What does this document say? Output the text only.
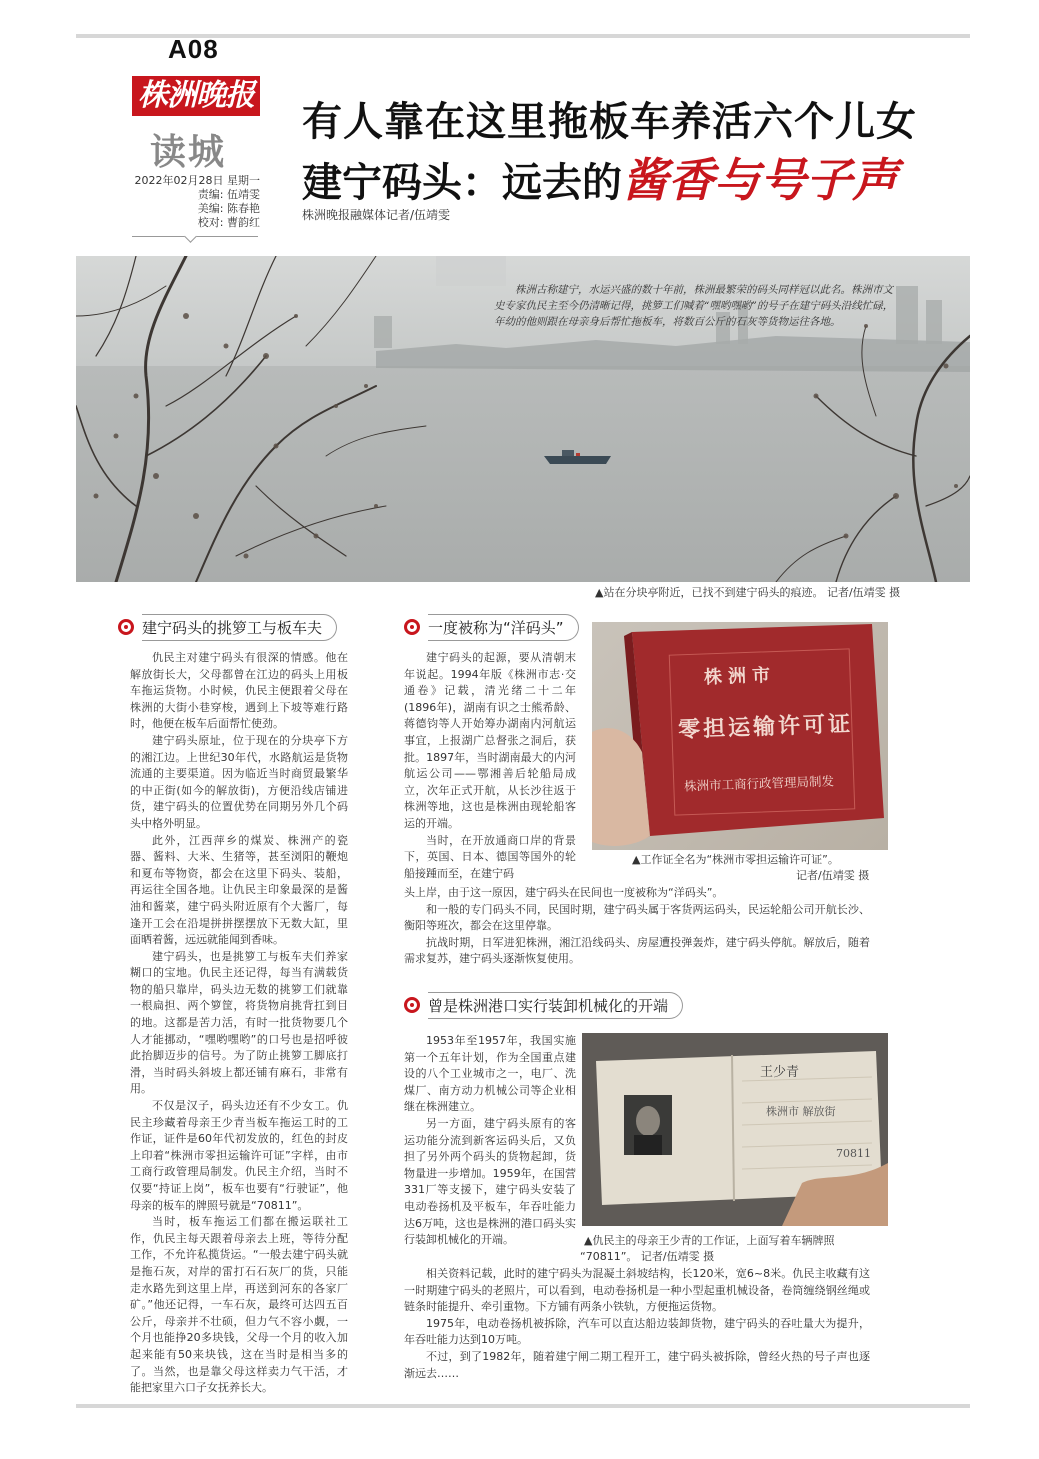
A08
株洲晚报
读城
2022年02月28日 星期一
责编: 伍靖雯
美编: 陈春艳
校对: 曹韵红
有人靠在这里拖板车养活六个儿女
建宁码头：远去的酱香与号子声
株洲晚报融媒体记者/伍靖雯
株洲古称建宁，水运兴盛的数十年前，株洲最繁荣的码头同样冠以此名。株洲市文史专家仇民主至今仍清晰记得，挑箩工们喊着“嘿哟嘿哟”的号子在建宁码头沿线忙碌，年幼的他则跟在母亲身后帮忙拖板车，将数百公斤的石灰等货物运往各地。
▲站在分块亭附近，已找不到建宁码头的痕迹。 记者/伍靖雯 摄
建宁码头的挑箩工与板车夫

仇民主对建宁码头有很深的情感。他在解放街长大，父母都曾在江边的码头上用板车拖运货物。小时候，仇民主便跟着父母在株洲的大街小巷穿梭，遇到上下坡等难行路时，他便在板车后面帮忙使劲。

建宁码头原址，位于现在的分块亭下方的湘江边。上世纪30年代，水路航运是货物流通的主要渠道。因为临近当时商贸最繁华的中正街(如今的解放街)，方便沿线店铺进货，建宁码头的位置优势在同期另外几个码头中格外明显。

此外，江西萍乡的煤炭、株洲产的瓷器、酱料、大米、生猪等，甚至浏阳的鞭炮和夏布等物资，都会在这里下码头、装船，再运往全国各地。让仇民主印象最深的是酱油和酱菜，建宁码头附近原有个大酱厂，每逢开工会在沿堤拼拼摆摆放下无数大缸，里面晒着酱，远远就能闻到香味。

建宁码头，也是挑箩工与板车夫们养家糊口的宝地。仇民主还记得，每当有满载货物的船只靠岸，码头边无数的挑箩工们就靠一根扁担、两个箩筐，将货物肩挑背扛到目的地。这都是苦力活，有时一批货物要几个人才能挪动，“嘿哟嘿哟”的口号也是招呼彼此抬脚迈步的信号。为了防止挑箩工脚底打滑，当时码头斜坡上都还铺有麻石，非常有用。

不仅是汉子，码头边还有不少女工。仇民主珍藏着母亲王少青当板车拖运工时的工作证，证件是60年代初发放的，红色的封皮上印着“株洲市零担运输许可证”字样，由市工商行政管理局制发。仇民主介绍，当时不仅要“持证上岗”，板车也要有“行驶证”，他母亲的板车的牌照号就是“70811”。

当时，板车拖运工们都在搬运联社工作，仇民主每天跟着母亲去上班，等待分配工作，不允许私揽货运。“一般去建宁码头就是拖石灰，对岸的雷打石石灰厂的货，只能走水路先到这里上岸，再送到河东的各家厂矿。”他还记得，一车石灰，最终可达四五百公斤，母亲并不壮硕，但力气不容小觑，一个月也能挣20多块钱，父母一个月的收入加起来能有50来块钱，这在当时是相当多的了。当然，也是靠父母这样卖力气干活，才能把家里六口子女抚养长大。

一度被称为“洋码头”

建宁码头的起源，要从清朝末年说起。1994年版《株洲市志·交通卷》记载，清光绪二十二年(1896年)，湖南有识之士熊希龄、蒋德钧等人开始筹办湖南内河航运事宜，上报湖广总督张之洞后，获批。1897年，当时湖南最大的内河航运公司——鄂湘善后轮船局成立，次年正式开航，从长沙往返于株洲等地，这也是株洲由现轮船客运的开端。

当时，在开放通商口岸的背景下，英国、日本、德国等国外的轮船接踵而至，在建宁码

株洲市
零担运输许可证
株洲市工商行政管理局制发
▲工作证全名为“株洲市零担运输许可证”。
记者/伍靖雯 摄

头上岸，由于这一原因，建宁码头在民间也一度被称为“洋码头”。

和一般的专门码头不同，民国时期，建宁码头属于客货两运码头，民运轮船公司开航长沙、衡阳等班次，都会在这里停靠。

抗战时期，日军进犯株洲，湘江沿线码头、房屋遭投弹轰炸，建宁码头停航。解放后，随着需求复苏，建宁码头逐渐恢复使用。

曾是株洲港口实行装卸机械化的开端

1953年至1957年，我国实施第一个五年计划，作为全国重点建设的八个工业城市之一，电厂、洗煤厂、南方动力机械公司等企业相继在株洲建立。

另一方面，建宁码头原有的客运功能分流到新客运码头后，又负担了另外两个码头的货物起卸，货物量进一步增加。1959年，在国营331厂等支援下，建宁码头安装了电动卷扬机及平板车，年吞吐能力达6万吨，这也是株洲的港口码头实行装卸机械化的开端。

王少青
株洲市 解放街
70811
▲仇民主的母亲王少青的工作证，上面写着车辆牌照
“70811”。 记者/伍靖雯 摄

相关资料记载，此时的建宁码头为混凝土斜坡结构，长120米，宽6~8米。仇民主收藏有这一时期建宁码头的老照片，可以看到，电动卷扬机是一种小型起重机械设备，卷筒缠绕钢丝绳或链条时能提升、牵引重物。下方铺有两条小铁轨，方便拖运货物。

1975年，电动卷扬机被拆除，汽车可以直达船边装卸货物，建宁码头的吞吐量大为提升，年吞吐能力达到10万吨。

不过，到了1982年，随着建宁闸二期工程开工，建宁码头被拆除，曾经火热的号子声也逐渐远去……
